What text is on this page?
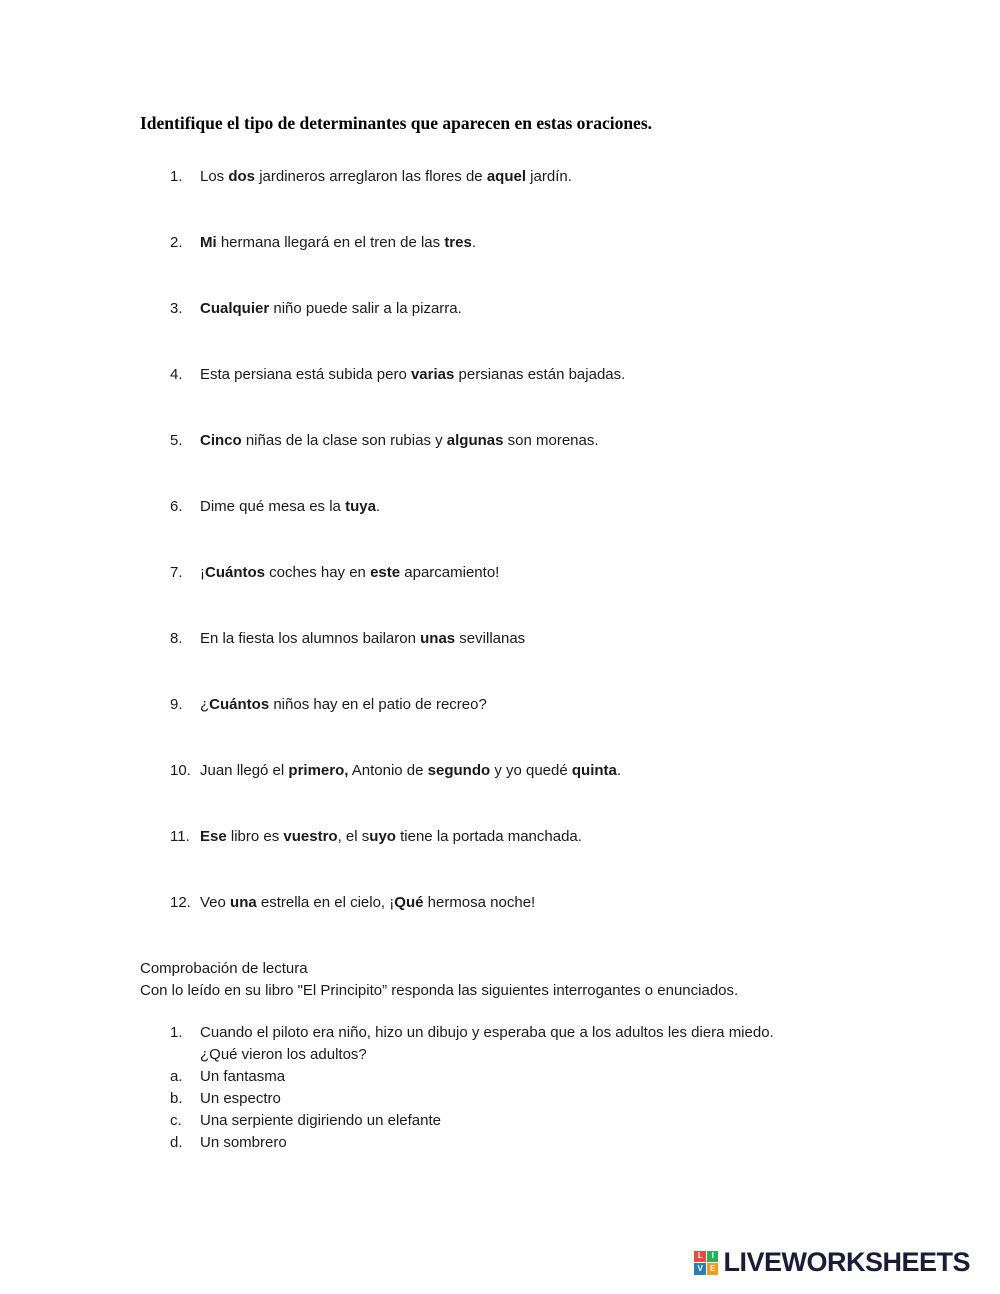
Identifique el tipo de determinantes que aparecen en estas oraciones.
1.	Los dos jardineros arreglaron las flores de aquel jardín.
2.	Mi hermana llegará en el tren de las tres.
3.	Cualquier niño puede salir a la pizarra.
4.	Esta persiana está subida pero varias persianas están bajadas.
5.	Cinco niñas de la clase son rubias y algunas son morenas.
6.	Dime qué mesa es la tuya.
7.	¡Cuántos coches hay en este aparcamiento!
8.	En la fiesta los alumnos bailaron unas sevillanas
9.	¿Cuántos niños hay en el patio de recreo?
10. Juan llegó el primero, Antonio de segundo y yo quedé quinta.
11. Ese libro es vuestro, el suyo tiene la portada manchada.
12. Veo una estrella en el cielo, ¡Qué hermosa noche!

Comprobación de lectura

Con lo leído en su libro "El Principito” responda las siguientes interrogantes o enunciados.

1.	Cuando el piloto era niño, hizo un dibujo y esperaba que a los adultos les diera miedo.
¿Qué vieron los adultos?
a.	Un fantasma
b.	Un espectro
c.	Una serpiente digiriendo un elefante
d.	Un sombrero
L	I
V E LIVEWORKSHEETS
